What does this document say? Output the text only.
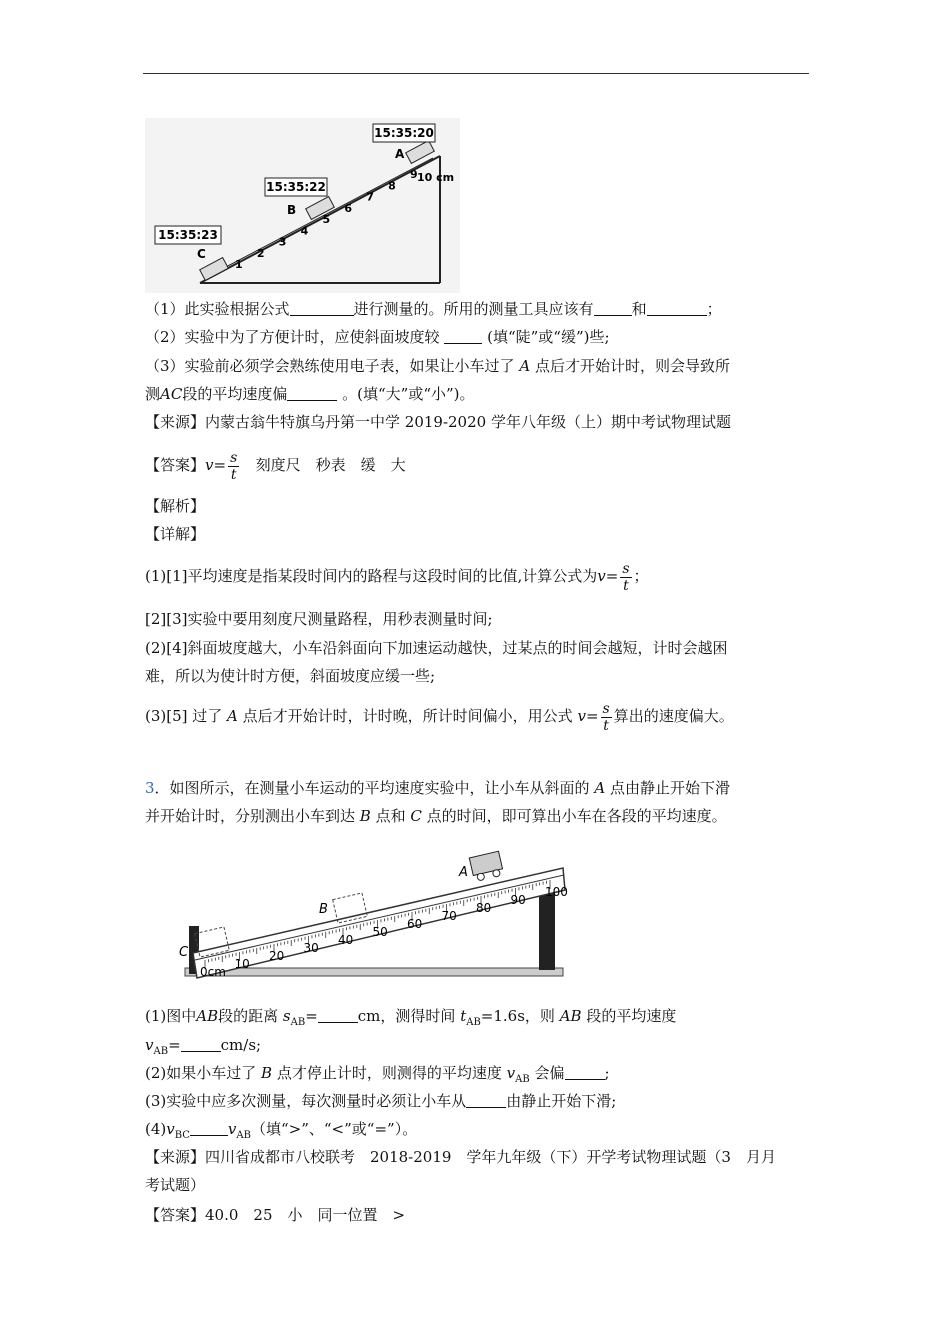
15:35:20
15:35:22
15:35:23
A
B
C
10 cm
1
2
3
4
5
6
7
8
9
（1）此实验根据公式	进行测量的。所用的测量工具应该有	和	；
（2）实验中为了方便计时，应使斜面坡度较	(填“陡”或“缓”)些;
（3）实验前必须学会熟练使用电子表，如果让小车过了 A 点后才开始计时，则会导致所
测AC段的平均速度偏	。(填“大”或“小”)。
【来源】内蒙古翁牛特旗乌丹第一中学 2019-2020 学年八年级（上）期中考试物理试题
【答案】$v= \frac{s}{t}$ 刻度尺　秒表　缓　大
【解析】
【详解】
(1)[1]平均速度是指某段时间内的路程与这段时间的比值,计算公式为$v= \frac{s}{t}$ ；
[2][3]实验中要用刻度尺测量路程，用秒表测量时间;
(2)[4]斜面坡度越大，小车沿斜面向下加速运动越快，过某点的时间会越短，计时会越困
难，所以为使计时方便，斜面坡度应缓一些;
(3)[5] 过了 A 点后才开始计时，计时晚，所计时间偏小，用公式 $v= \frac{s}{t}$ 算出的速度偏大。
3．如图所示，在测量小车运动的平均速度实验中，让小车从斜面的 A 点由静止开始下滑
并开始计时，分别测出小车到达 B 点和 C 点的时间，即可算出小车在各段的平均速度。
0cm
10
20
30
40
50
60
70
80
90
100
A
B
C
(1)图中AB段的距离 $s_{AB}=$	cm，测得时间 $t_{AB}=1.6s$，则 AB 段的平均速度
$v_{AB}=$	cm/s;
(2)如果小车过了 B 点才停止计时，则测得的平均速度 $v_{AB}$ 会偏	;
(3)实验中应多次测量，每次测量时必须让小车从	由静止开始下滑;
$(4)v_{BC}$	$v_{AB}$（填“>”、“<”或“=”）。
【来源】四川省成都市八校联考　2018-2019　学年九年级（下）开学考试物理试题（3　月月
考试题）
【答案】40.0　25　小　同一位置　>
